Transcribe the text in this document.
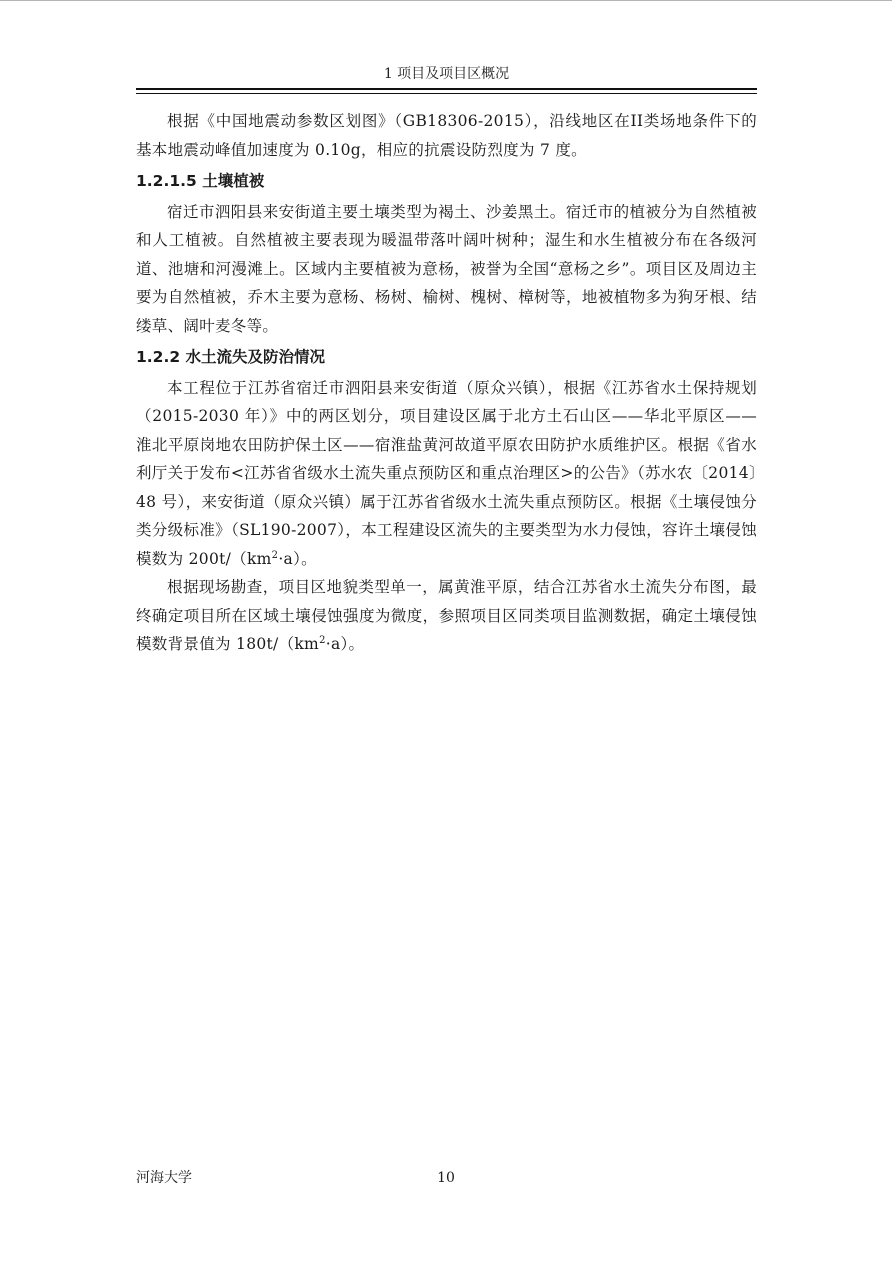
1 项目及项目区概况

根据《中国地震动参数区划图》（GB18306-2015），沿线地区在II类场地条件下的基本地震动峰值加速度为 0.10g，相应的抗震设防烈度为 7 度。

1.2.1.5 土壤植被

宿迁市泗阳县来安街道主要土壤类型为褐土、沙姜黑土。宿迁市的植被分为自然植被和人工植被。自然植被主要表现为暖温带落叶阔叶树种；湿生和水生植被分布在各级河道、池塘和河漫滩上。区域内主要植被为意杨，被誉为全国“意杨之乡”。项目区及周边主要为自然植被，乔木主要为意杨、杨树、榆树、槐树、樟树等，地被植物多为狗牙根、结缕草、阔叶麦冬等。

1.2.2 水土流失及防治情况

本工程位于江苏省宿迁市泗阳县来安街道（原众兴镇），根据《江苏省水土保持规划（2015-2030 年）》中的两区划分，项目建设区属于北方土石山区——华北平原区——淮北平原岗地农田防护保土区——宿淮盐黄河故道平原农田防护水质维护区。根据《省水利厅关于发布<江苏省省级水土流失重点预防区和重点治理区>的公告》（苏水农〔2014〕48 号），来安街道（原众兴镇）属于江苏省省级水土流失重点预防区。根据《土壤侵蚀分类分级标准》（SL190-2007），本工程建设区流失的主要类型为水力侵蚀，容许土壤侵蚀模数为 $200t/(km^2\cdot a)$。

根据现场勘查，项目区地貌类型单一，属黄淮平原，结合江苏省水土流失分布图，最终确定项目所在区域土壤侵蚀强度为微度，参照项目区同类项目监测数据，确定土壤侵蚀模数背景值为 $180t/(km^2\cdot a)$。

河海大学	10
